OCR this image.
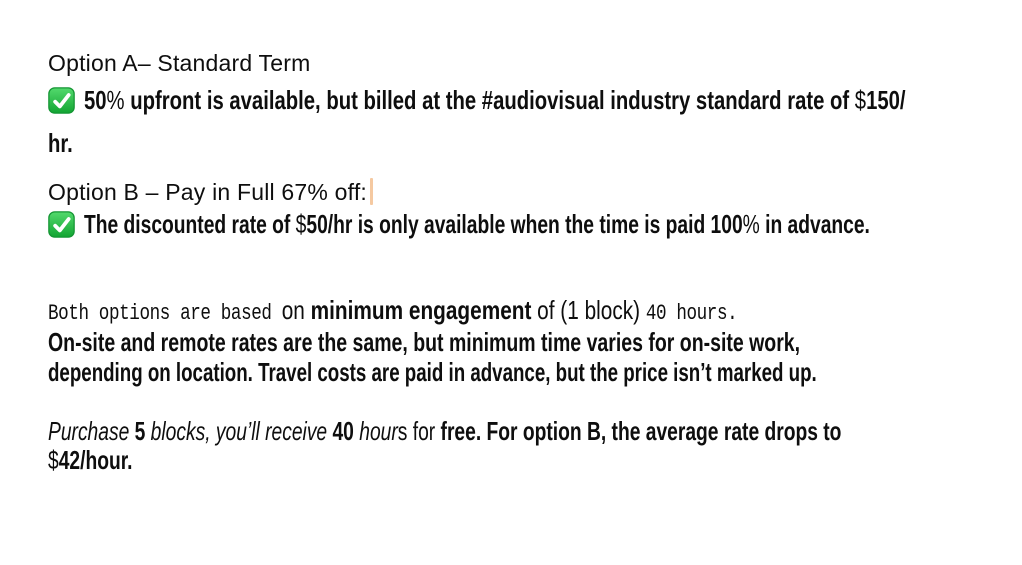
Option A– Standard Term
50% upfront is available, but billed at the #audiovisual industry standard rate of $150/
hr.
Option B – Pay in Full 67% off:
The discounted rate of $50/hr is only available when the time is paid 100% in advance.
Both options are based on minimum engagement of (1 block) 40 hours.
On-site and remote rates are the same, but minimum time varies for on-site work,
depending on location. Travel costs are paid in advance, but the price isn’t marked up.
Purchase 5 blocks, you’ll receive 40 hours for free. For option B, the average rate drops to
$42/hour.
